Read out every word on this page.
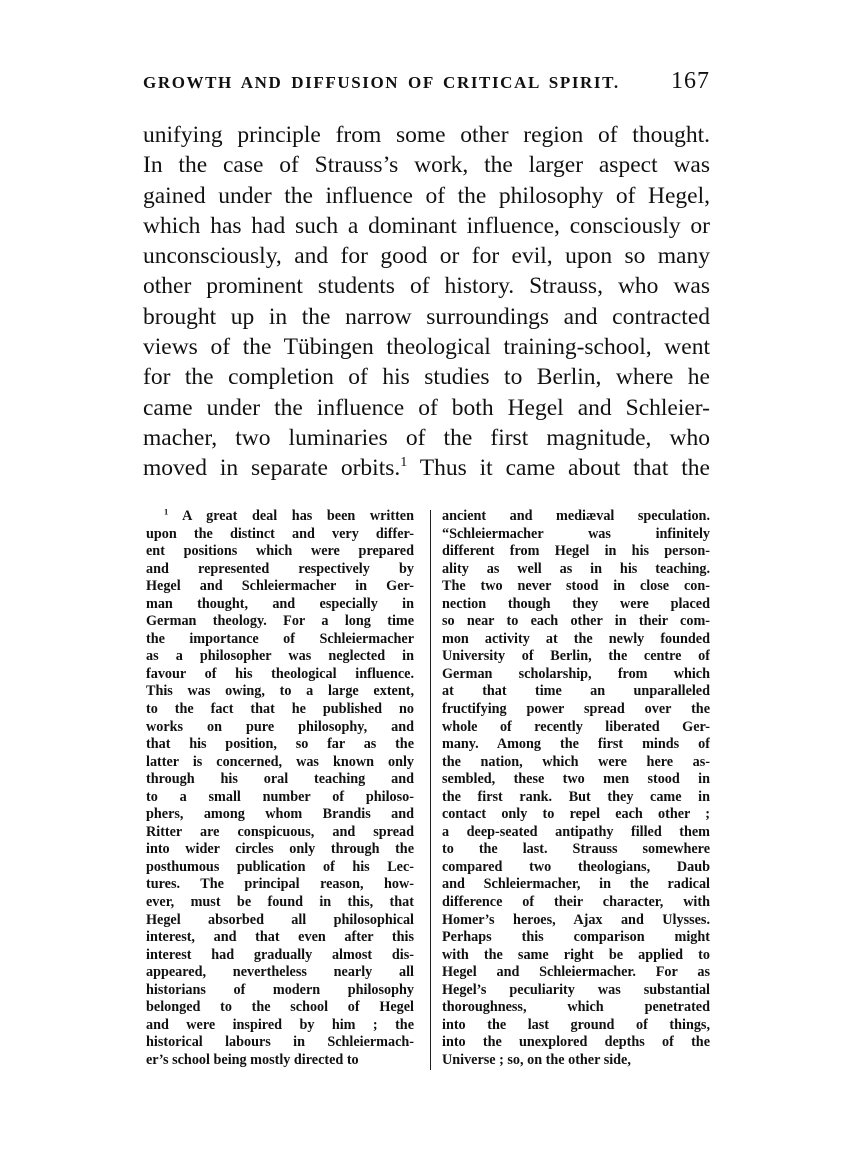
GROWTH AND DIFFUSION OF CRITICAL SPIRIT. 167
unifying principle from some other region of thought.
In the case of Strauss’s work, the larger aspect was
gained under the influence of the philosophy of Hegel,
which has had such a dominant influence, consciously or
unconsciously, and for good or for evil, upon so many
other prominent students of history. Strauss, who was
brought up in the narrow surroundings and contracted
views of the Tübingen theological training-school, went
for the completion of his studies to Berlin, where he
came under the influence of both Hegel and Schleier-
macher, two luminaries of the first magnitude, who
moved in separate orbits.$^1$ Thus it came about that the
$^1$ A great deal has been written
upon the distinct and very differ-
ent positions which were prepared
and represented respectively by
Hegel and Schleiermacher in Ger-
man thought, and especially in
German theology. For a long time
the importance of Schleiermacher
as a philosopher was neglected in
favour of his theological influence.
This was owing, to a large extent,
to the fact that he published no
works on pure philosophy, and
that his position, so far as the
latter is concerned, was known only
through his oral teaching and
to a small number of philoso-
phers, among whom Brandis and
Ritter are conspicuous, and spread
into wider circles only through the
posthumous publication of his Lec-
tures. The principal reason, how-
ever, must be found in this, that
Hegel absorbed all philosophical
interest, and that even after this
interest had gradually almost dis-
appeared, nevertheless nearly all
historians of modern philosophy
belonged to the school of Hegel
and were inspired by him ; the
historical labours in Schleiermach-
er’s school being mostly directed to
ancient and mediæval speculation.
“Schleiermacher was infinitely
different from Hegel in his person-
ality as well as in his teaching.
The two never stood in close con-
nection though they were placed
so near to each other in their com-
mon activity at the newly founded
University of Berlin, the centre of
German scholarship, from which
at that time an unparalleled
fructifying power spread over the
whole of recently liberated Ger-
many. Among the first minds of
the nation, which were here as-
sembled, these two men stood in
the first rank. But they came in
contact only to repel each other ;
a deep-seated antipathy filled them
to the last. Strauss somewhere
compared two theologians, Daub
and Schleiermacher, in the radical
difference of their character, with
Homer’s heroes, Ajax and Ulysses.
Perhaps this comparison might
with the same right be applied to
Hegel and Schleiermacher. For as
Hegel’s peculiarity was substantial
thoroughness, which penetrated
into the last ground of things,
into the unexplored depths of the
Universe ; so, on the other side,
